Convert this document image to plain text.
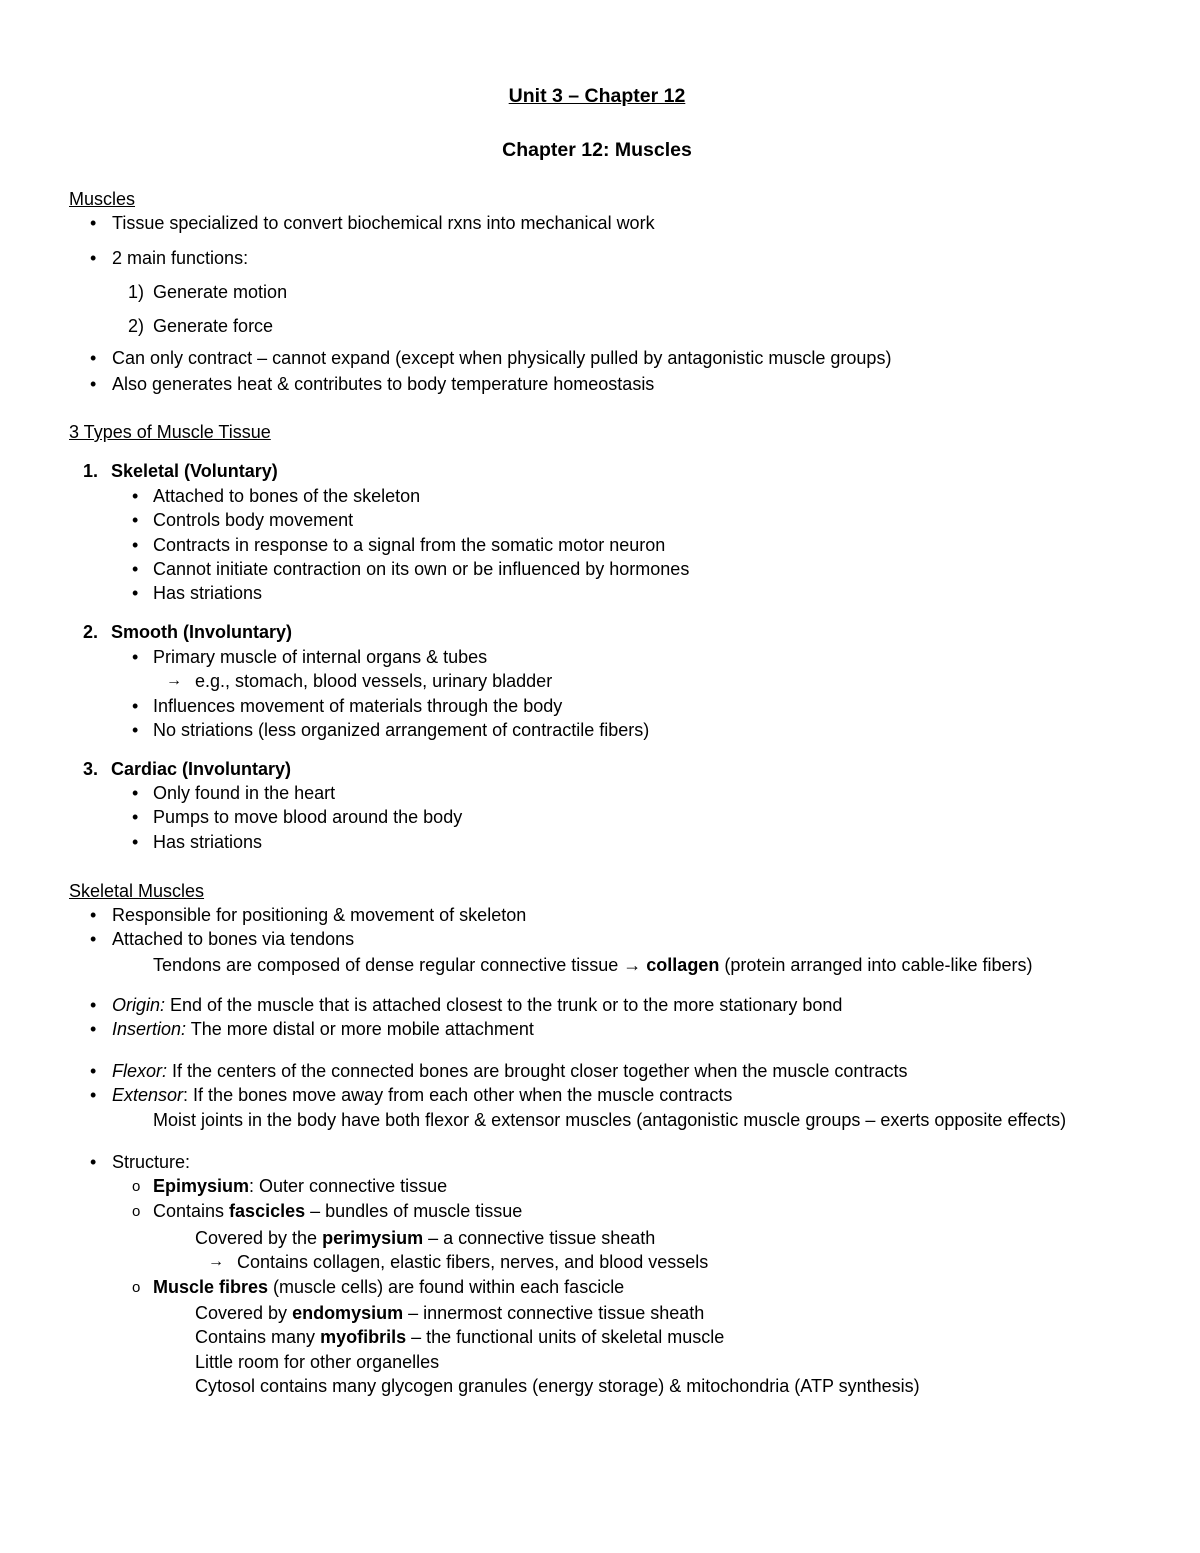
Unit 3 – Chapter 12
Chapter 12: Muscles
Muscles
• Tissue specialized to convert biochemical rxns into mechanical work
• 2 main functions:
1) Generate motion
2) Generate force
• Can only contract – cannot expand (except when physically pulled by antagonistic muscle groups)
• Also generates heat & contributes to body temperature homeostasis
3 Types of Muscle Tissue
1. Skeletal (Voluntary)
• Attached to bones of the skeleton
• Controls body movement
• Contracts in response to a signal from the somatic motor neuron
• Cannot initiate contraction on its own or be influenced by hormones
• Has striations
2. Smooth (Involuntary)
• Primary muscle of internal organs & tubes
→ e.g., stomach, blood vessels, urinary bladder
• Influences movement of materials through the body
• No striations (less organized arrangement of contractile fibers)
3. Cardiac (Involuntary)
• Only found in the heart
• Pumps to move blood around the body
• Has striations
Skeletal Muscles
• Responsible for positioning & movement of skeleton
• Attached to bones via tendons
Tendons are composed of dense regular connective tissue → collagen (protein arranged into cable-like fibers)
• Origin: End of the muscle that is attached closest to the trunk or to the more stationary bond
• Insertion: The more distal or more mobile attachment
• Flexor: If the centers of the connected bones are brought closer together when the muscle contracts
• Extensor: If the bones move away from each other when the muscle contracts
Moist joints in the body have both flexor & extensor muscles (antagonistic muscle groups – exerts opposite effects)
• Structure:
o Epimysium: Outer connective tissue
o Contains fascicles – bundles of muscle tissue
Covered by the perimysium – a connective tissue sheath
→ Contains collagen, elastic fibers, nerves, and blood vessels
o Muscle fibres (muscle cells) are found within each fascicle
Covered by endomysium – innermost connective tissue sheath
Contains many myofibrils – the functional units of skeletal muscle
Little room for other organelles
Cytosol contains many glycogen granules (energy storage) & mitochondria (ATP synthesis)
